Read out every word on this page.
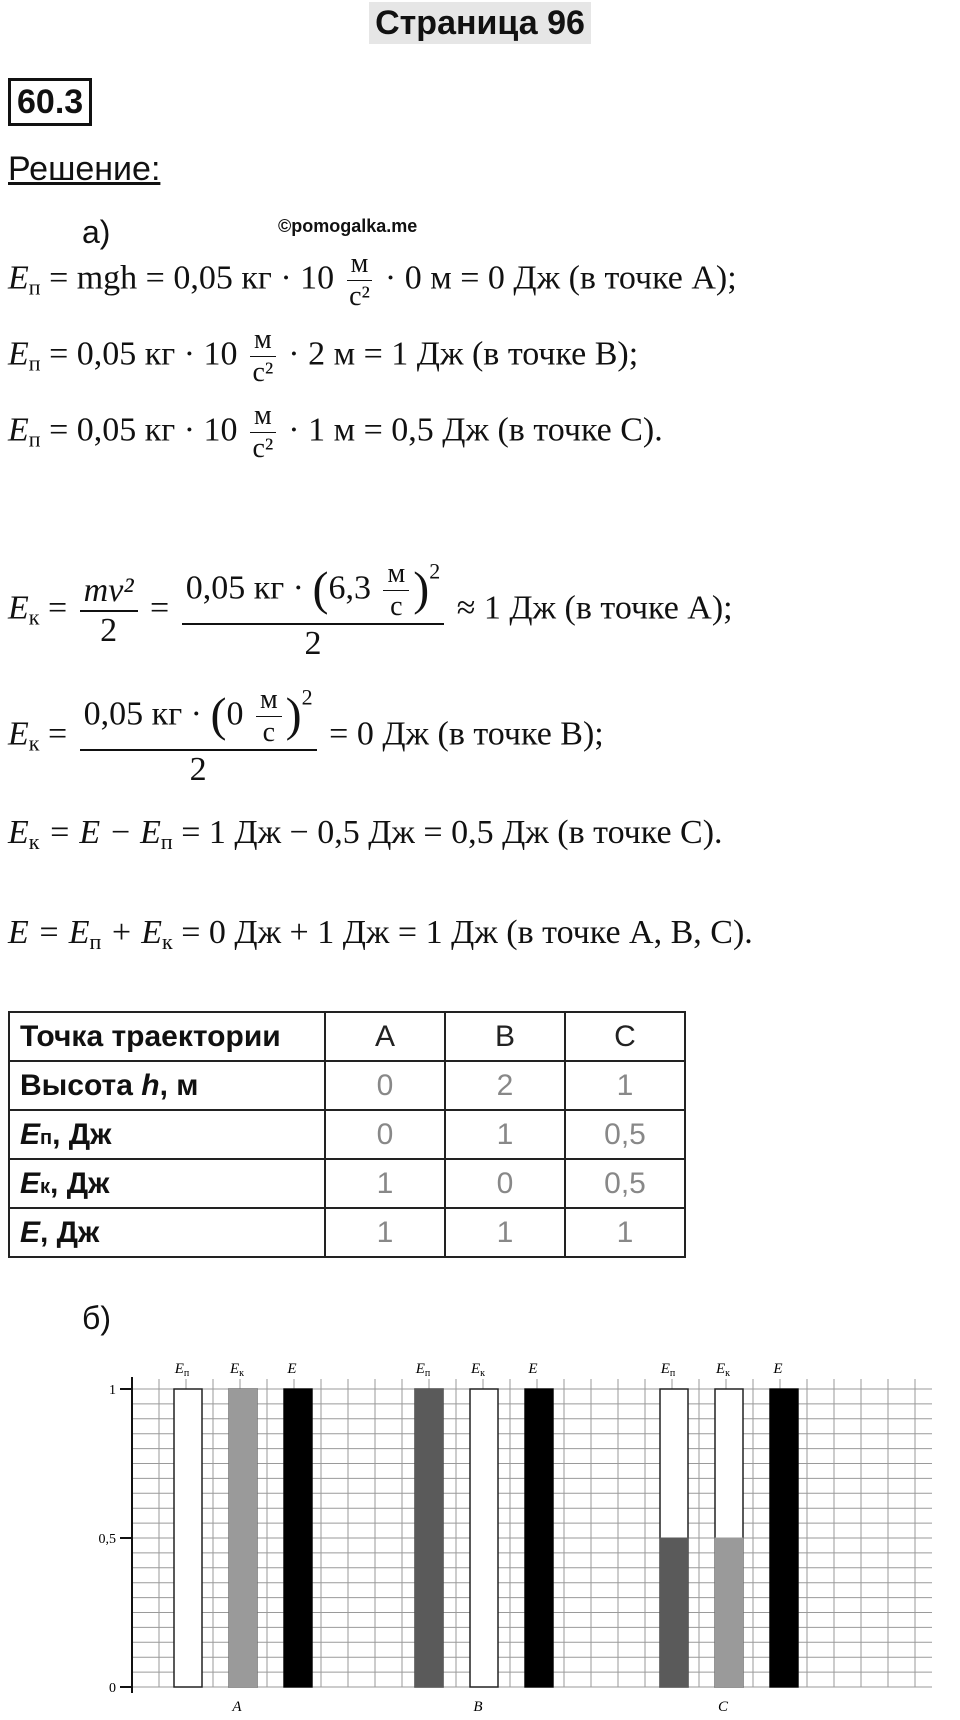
Страница 96
60.3
Решение:
а)	©pomogalka.me
$E_п$ = mgh = 0,05 кг · $10 \frac{м}{\text{с²}} \cdot 0$ м = 0 Дж (в точке A);
$E_п = 0,05$ кг · $10 \frac{м}{\text{с²}} \cdot 2$ м = 1 Дж (в точке B);
$E_п = 0,05$ кг · $10 \frac{м}{\text{с²}} \cdot 1$ м = 0,5 Дж (в точке C).
$E_к = \frac{\text{mv²}}{2} = \frac{0,05 кг \cdot (6,3 \frac{м}{с} )^2}{2} \approx 1$ Дж (в точке A);
$E_к = \frac{0,05 кг \cdot (0 \frac{м}{с} )^2}{2} = 0$ Дж (в точке B);
$E_к = E - E_п = 1$ Дж − 0,5 Дж = 0,5 Дж (в точке C).
$E = E_п + E_к = 0$ Дж + 1 Дж = 1 Дж (в точке A, B, C).
Точка траектории	A	B	C
Высота h, м	0	2	1
Eп, Дж	0	1	0,5
Eк, Дж	1	0	0,5
E, Дж	1	1	1
б)
0
0,5
1
$E_п$	$E_к$	E
A
$E_п$	$E_к$	E
B
$E_п$	$E_к$	E
C
